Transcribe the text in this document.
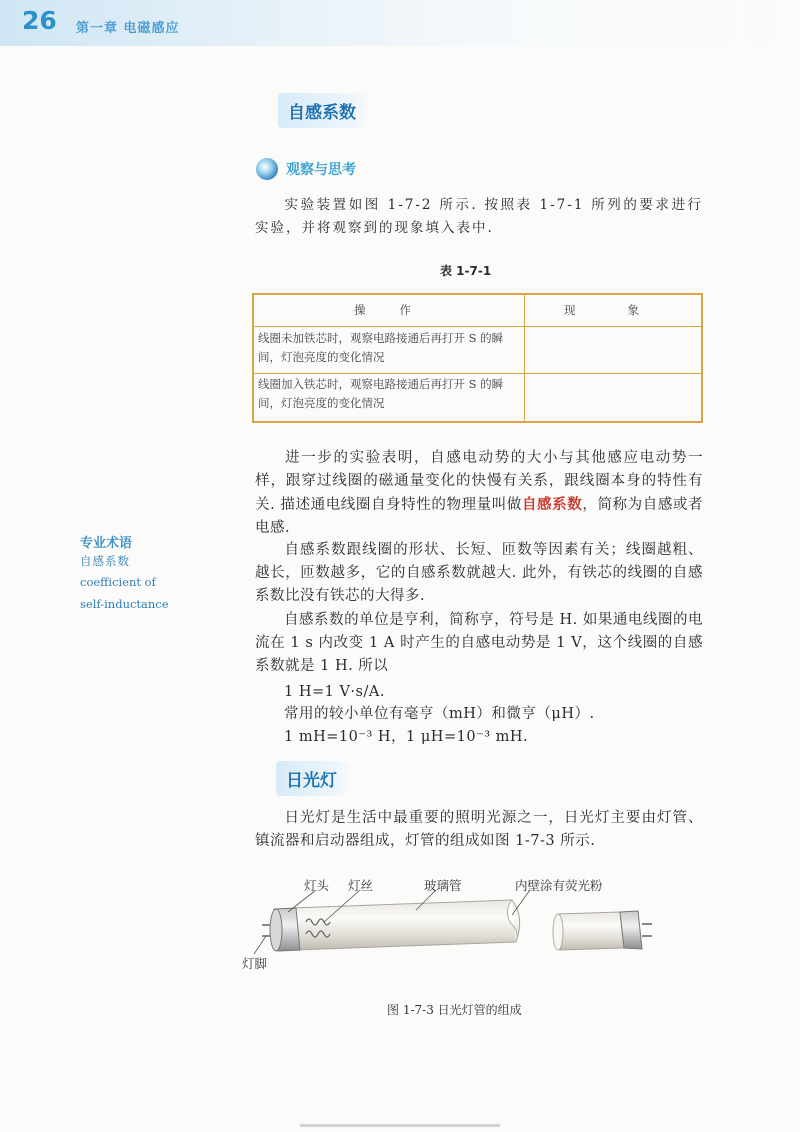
26 第一章 电磁感应
自感系数
观察与思考
实验装置如图 1-7-2 所示. 按照表 1-7-1 所列的要求进行实验，并将观察到的现象填入表中.
表 1-7-1
操作	现象
线圈未加铁芯时，观察电路接通后再打开 S 的瞬间，灯泡亮度的变化情况
线圈加入铁芯时，观察电路接通后再打开 S 的瞬间，灯泡亮度的变化情况
进一步的实验表明，自感电动势的大小与其他感应电动势一样，跟穿过线圈的磁通量变化的快慢有关系，跟线圈本身的特性有关. 描述通电线圈自身特性的物理量叫做自感系数，简称为自感或者电感.
自感系数跟线圈的形状、长短、匝数等因素有关；线圈越粗、越长，匝数越多，它的自感系数就越大. 此外，有铁芯的线圈的自感系数比没有铁芯的大得多.
自感系数的单位是亨利，简称亨，符号是 H. 如果通电线圈的电流在 1 s 内改变 1 A 时产生的自感电动势是 1 V，这个线圈的自感系数就是 1 H. 所以
1 H=1 V·s/A.
常用的较小单位有毫亨（mH）和微亨（μH）.
1 mH=10⁻³ H，1 μH=10⁻³ mH.
专业术语
自感系数
coefficient of
self-inductance
日光灯
日光灯是生活中最重要的照明光源之一，日光灯主要由灯管、镇流器和启动器组成，灯管的组成如图 1-7-3 所示.
灯头 灯丝	玻璃管	内壁涂有荧光粉
灯脚
图 1-7-3 日光灯管的组成
